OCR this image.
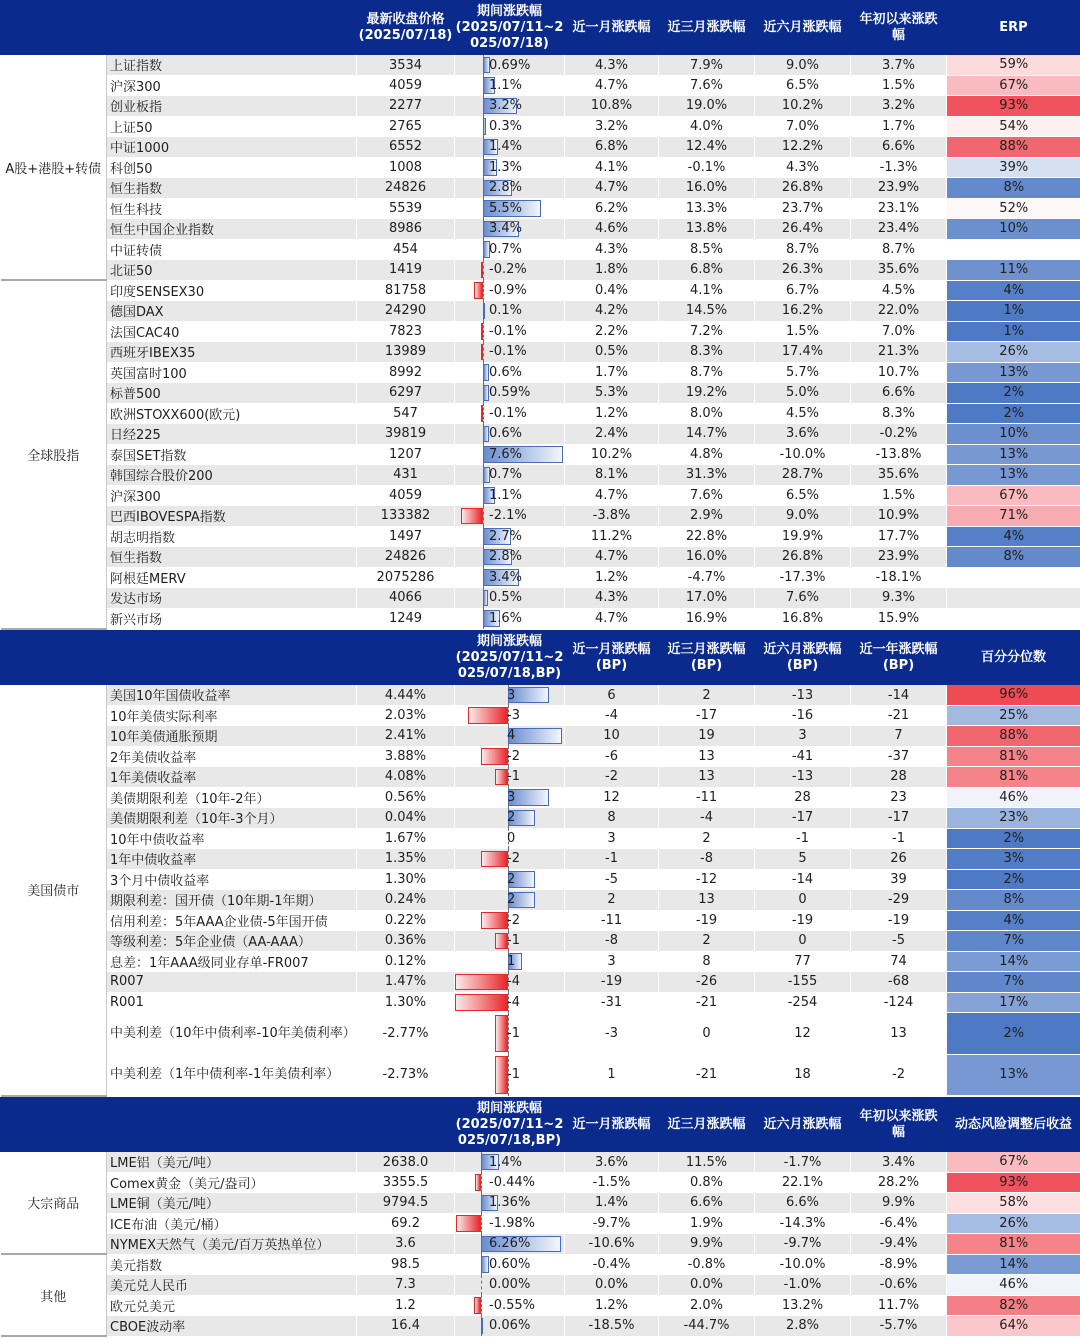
		最新收盘价格
(2025/07/18)	期间涨跌幅
(2025/07/11~2
025/07/18)	近一月涨跌幅	近三月涨跌幅	近六月涨跌幅	年初以来涨跌
幅	ERP
A股+港股+转债	上证指数	3534	0.69%	4.3%	7.9%	9.0%	3.7%	59%
	沪深300	4059	1.1%	4.7%	7.6%	6.5%	1.5%	67%
	创业板指	2277	3.2%	10.8%	19.0%	10.2%	3.2%	93%
	上证50	2765	0.3%	3.2%	4.0%	7.0%	1.7%	54%
	中证1000	6552	1.4%	6.8%	12.4%	12.2%	6.6%	88%
	科创50	1008	1.3%	4.1%	-0.1%	4.3%	-1.3%	39%
	恒生指数	24826	2.8%	4.7%	16.0%	26.8%	23.9%	8%
	恒生科技	5539	5.5%	6.2%	13.3%	23.7%	23.1%	52%
	恒生中国企业指数	8986	3.4%	4.6%	13.8%	26.4%	23.4%	10%
	中证转债	454	0.7%	4.3%	8.5%	8.7%	8.7%	
	北证50	1419	-0.2%	1.8%	6.8%	26.3%	35.6%	11%
全球股指	印度SENSEX30	81758	-0.9%	0.4%	4.1%	6.7%	4.5%	4%
	德国DAX	24290	0.1%	4.2%	14.5%	16.2%	22.0%	1%
	法国CAC40	7823	-0.1%	2.2%	7.2%	1.5%	7.0%	1%
	西班牙IBEX35	13989	-0.1%	0.5%	8.3%	17.4%	21.3%	26%
	英国富时100	8992	0.6%	1.7%	8.7%	5.7%	10.7%	13%
	标普500	6297	0.59%	5.3%	19.2%	5.0%	6.6%	2%
	欧洲STOXX600(欧元)	547	-0.1%	1.2%	8.0%	4.5%	8.3%	2%
	日经225	39819	0.6%	2.4%	14.7%	3.6%	-0.2%	10%
	泰国SET指数	1207	7.6%	10.2%	4.8%	-10.0%	-13.8%	13%
	韩国综合股价200	431	0.7%	8.1%	31.3%	28.7%	35.6%	13%
	沪深300	4059	1.1%	4.7%	7.6%	6.5%	1.5%	67%
	巴西IBOVESPA指数	133382	-2.1%	-3.8%	2.9%	9.0%	10.9%	71%
	胡志明指数	1497	2.7%	11.2%	22.8%	19.9%	17.7%	4%
	恒生指数	24826	2.8%	4.7%	16.0%	26.8%	23.9%	8%
	阿根廷MERV	2075286	3.4%	1.2%	-4.7%	-17.3%	-18.1%	
	发达市场	4066	0.5%	4.3%	17.0%	7.6%	9.3%	
	新兴市场	1249	1.6%	4.7%	16.9%	16.8%	15.9%	
			期间涨跌幅
(2025/07/11~2
025/07/18,BP)	近一月涨跌幅
(BP)	近三月涨跌幅
(BP)	近六月涨跌幅
(BP)	近一年涨跌幅
(BP)	百分分位数
美国债市	美国10年国债收益率	4.44%	3	6	2	-13	-14	96%
	10年美债实际利率	2.03%	-3	-4	-17	-16	-21	25%
	10年美债通胀预期	2.41%	4	10	19	3	7	88%
	2年美债收益率	3.88%	-2	-6	13	-41	-37	81%
	1年美债收益率	4.08%	-1	-2	13	-13	28	81%
	美债期限利差（10年-2年）	0.56%	3	12	-11	28	23	46%
	美债期限利差（10年-3个月）	0.04%	2	8	-4	-17	-17	23%
	10年中债收益率	1.67%	0	3	2	-1	-1	2%
	1年中债收益率	1.35%	-2	-1	-8	5	26	3%
	3个月中债收益率	1.30%	2	-5	-12	-14	39	2%
	期限利差：国开债（10年期-1年期）	0.24%	2	2	13	0	-29	8%
	信用利差：5年AAA企业债-5年国开债	0.22%	-2	-11	-19	-19	-19	4%
	等级利差：5年企业债（AA-AAA）	0.36%	-1	-8	2	0	-5	7%
	息差：1年AAA级同业存单-FR007	0.12%	1	3	8	77	74	14%
	R007	1.47%	-4	-19	-26	-155	-68	7%
	R001	1.30%	-4	-31	-21	-254	-124	17%
	中美利差（10年中债利率-10年美债利率）	-2.77%	-1	-3	0	12	13	2%
	中美利差（1年中债利率-1年美债利率）	-2.73%	-1	1	-21	18	-2	13%
			期间涨跌幅
(2025/07/11~2
025/07/18,BP)	近一月涨跌幅	近三月涨跌幅	近六月涨跌幅	年初以来涨跌
幅	动态风险调整后收益
大宗商品	LME铝（美元/吨）	2638.0	1.4%	3.6%	11.5%	-1.7%	3.4%	67%
	Comex黄金（美元/盎司）	3355.5	-0.44%	-1.5%	0.8%	22.1%	28.2%	93%
	LME铜（美元/吨）	9794.5	1.36%	1.4%	6.6%	6.6%	9.9%	58%
	ICE布油（美元/桶）	69.2	-1.98%	-9.7%	1.9%	-14.3%	-6.4%	26%
	NYMEX天然气（美元/百万英热单位）	3.6	6.26%	-10.6%	9.9%	-9.7%	-9.4%	81%
其他	美元指数	98.5	0.60%	-0.4%	-0.8%	-10.0%	-8.9%	14%
	美元兑人民币	7.3	0.00%	0.0%	0.0%	-1.0%	-0.6%	46%
	欧元兑美元	1.2	-0.55%	1.2%	2.0%	13.2%	11.7%	82%
	CBOE波动率	16.4	0.06%	-18.5%	-44.7%	2.8%	-5.7%	64%
